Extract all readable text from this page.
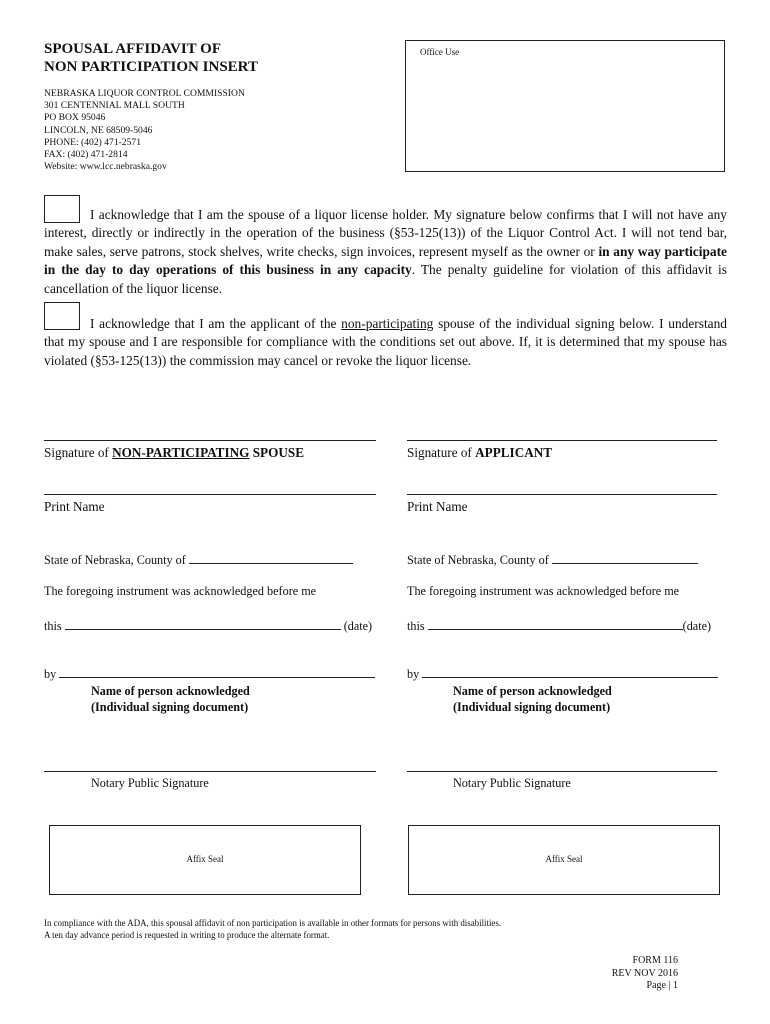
SPOUSAL AFFIDAVIT OF
NON PARTICIPATION INSERT
NEBRASKA LIQUOR CONTROL COMMISSION
301 CENTENNIAL MALL SOUTH
PO BOX 95046
LINCOLN, NE 68509-5046
PHONE: (402) 471-2571
FAX: (402) 471-2814
Website: www.lcc.nebraska.gov
Office Use
I acknowledge that I am the spouse of a liquor license holder. My signature below confirms that I will not have any interest, directly or indirectly in the operation of the business (§53-125(13)) of the Liquor Control Act. I will not tend bar, make sales, serve patrons, stock shelves, write checks, sign invoices, represent myself as the owner or in any way participate in the day to day operations of this business in any capacity. The penalty guideline for violation of this affidavit is cancellation of the liquor license.
I acknowledge that I am the applicant of the non-participating spouse of the individual signing below. I understand that my spouse and I are responsible for compliance with the conditions set out above. If, it is determined that my spouse has violated (§53-125(13)) the commission may cancel or revoke the liquor license.
Signature of NON-PARTICIPATING SPOUSE	Signature of APPLICANT
Print Name	Print Name
State of Nebraska, County of	State of Nebraska, County of
The foregoing instrument was acknowledged before me	The foregoing instrument was acknowledged before me
this	(date)	this	(date)
by	by
Name of person acknowledged
(Individual signing document)
Name of person acknowledged
(Individual signing document)
Notary Public Signature	Notary Public Signature
Affix Seal	Affix Seal
In compliance with the ADA, this spousal affidavit of non participation is available in other formats for persons with disabilities.
A ten day advance period is requested in writing to produce the alternate format.
FORM 116
REV NOV 2016
Page | 1
